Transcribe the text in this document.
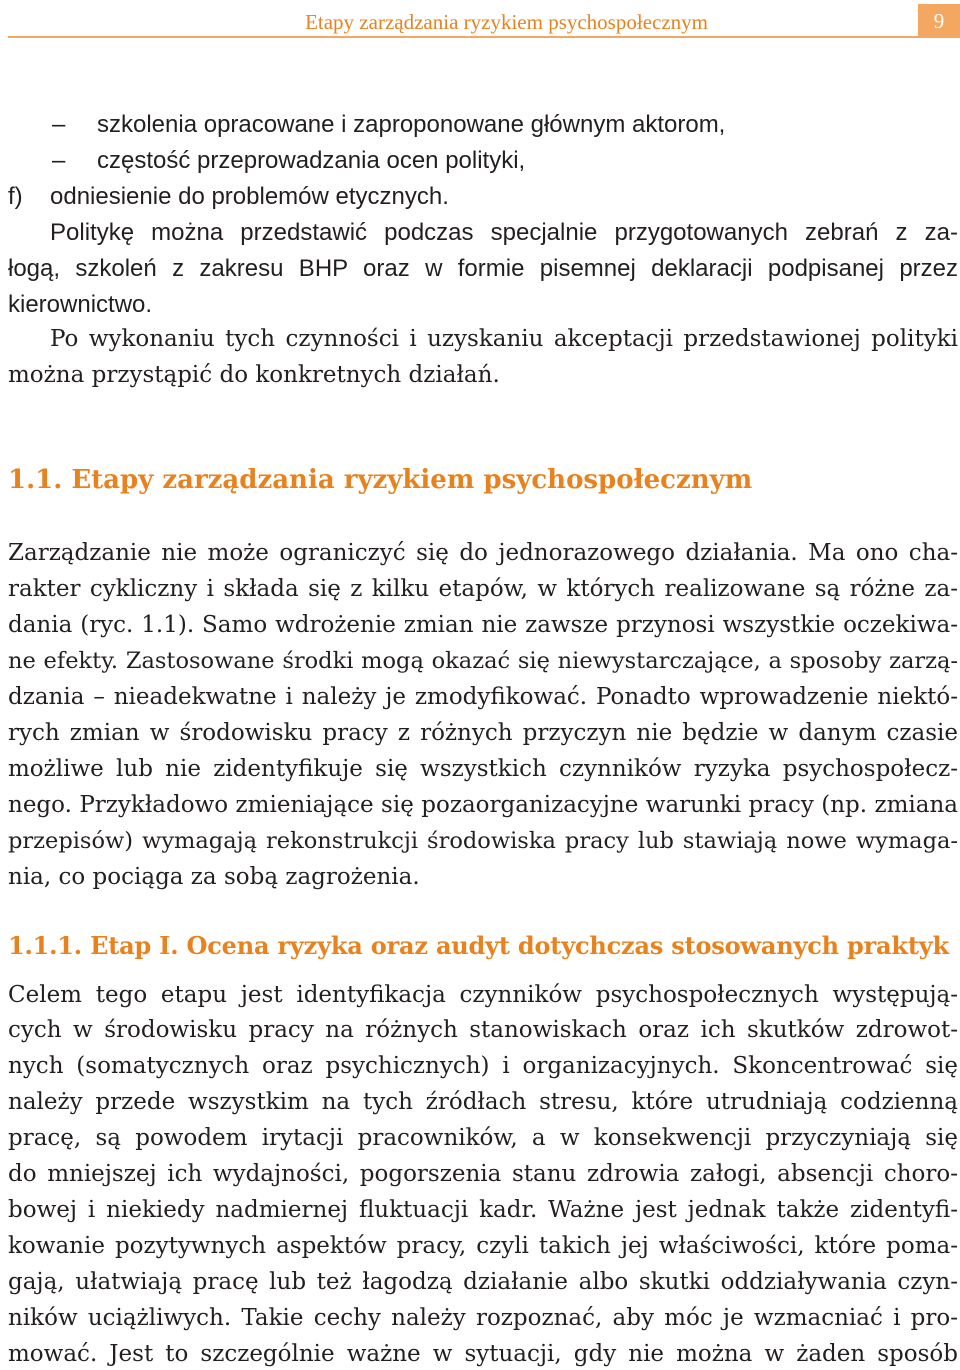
Etapy zarządzania ryzykiem psychospołecznym	9
– szkolenia opracowane i zaproponowane głównym aktorom,

– częstość przeprowadzania ocen polityki,

f)	odniesienie do problemów etycznych.

Politykę można przedstawić podczas specjalnie przygotowanych zebrań z za-

łogą, szkoleń z zakresu BHP oraz w formie pisemnej deklaracji podpisanej przez

kierownictwo.

Po wykonaniu tych czynności i uzyskaniu akceptacji przedstawionej polityki

można przystąpić do konkretnych działań.

1.1. Etapy zarządzania ryzykiem psychospołecznym

Zarządzanie nie może ograniczyć się do jednorazowego działania. Ma ono cha-

rakter cykliczny i składa się z kilku etapów, w których realizowane są różne za-

dania (ryc. 1.1). Samo wdrożenie zmian nie zawsze przynosi wszystkie oczekiwa-

ne efekty. Zastosowane środki mogą okazać się niewystarczające, a sposoby zarzą-

dzania – nieadekwatne i należy je zmodyfikować. Ponadto wprowadzenie niektó-

rych zmian w środowisku pracy z różnych przyczyn nie będzie w danym czasie

możliwe lub nie zidentyfikuje się wszystkich czynników ryzyka psychospołecz-

nego. Przykładowo zmieniające się pozaorganizacyjne warunki pracy (np. zmiana

przepisów) wymagają rekonstrukcji środowiska pracy lub stawiają nowe wymaga-

nia, co pociąga za sobą zagrożenia.

1.1.1. Etap I. Ocena ryzyka oraz audyt dotychczas stosowanych praktyk

Celem tego etapu jest identyfikacja czynników psychospołecznych występują-

cych w środowisku pracy na różnych stanowiskach oraz ich skutków zdrowot-

nych (somatycznych oraz psychicznych) i organizacyjnych. Skoncentrować się

należy przede wszystkim na tych źródłach stresu, które utrudniają codzienną

pracę, są powodem irytacji pracowników, a w konsekwencji przyczyniają się

do mniejszej ich wydajności, pogorszenia stanu zdrowia załogi, absencji choro-

bowej i niekiedy nadmiernej fluktuacji kadr. Ważne jest jednak także zidentyfi-

kowanie pozytywnych aspektów pracy, czyli takich jej właściwości, które poma-

gają, ułatwiają pracę lub też łagodzą działanie albo skutki oddziaływania czyn-

ników uciążliwych. Takie cechy należy rozpoznać, aby móc je wzmacniać i pro-

mować. Jest to szczególnie ważne w sytuacji, gdy nie można w żaden sposób
